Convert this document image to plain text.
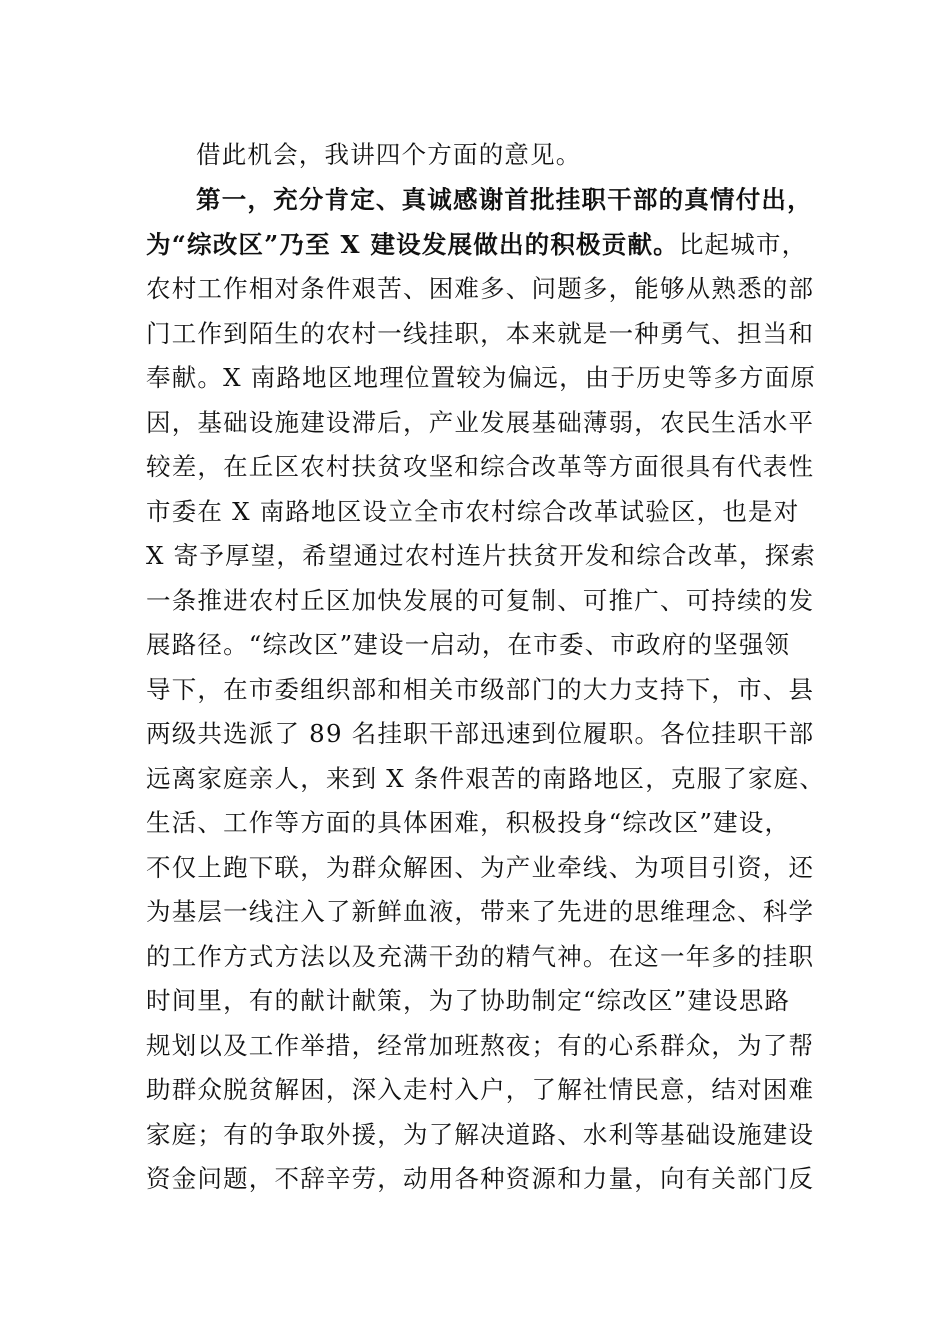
借此机会，我讲四个方面的意见。
第一，充分肯定、真诚感谢首批挂职干部的真情付出，
为“综改区”乃至 X 建设发展做出的积极贡献。比起城市，
农村工作相对条件艰苦、困难多、问题多，能够从熟悉的部
门工作到陌生的农村一线挂职，本来就是一种勇气、担当和
奉献。X 南路地区地理位置较为偏远，由于历史等多方面原
因，基础设施建设滞后，产业发展基础薄弱，农民生活水平
较差，在丘区农村扶贫攻坚和综合改革等方面很具有代表性
市委在 X 南路地区设立全市农村综合改革试验区，也是对
X 寄予厚望，希望通过农村连片扶贫开发和综合改革，探索
一条推进农村丘区加快发展的可复制、可推广、可持续的发
展路径。“综改区”建设一启动，在市委、市政府的坚强领
导下，在市委组织部和相关市级部门的大力支持下，市、县
两级共选派了 89 名挂职干部迅速到位履职。各位挂职干部
远离家庭亲人，来到 X 条件艰苦的南路地区，克服了家庭、
生活、工作等方面的具体困难，积极投身“综改区”建设，
不仅上跑下联，为群众解困、为产业牵线、为项目引资，还
为基层一线注入了新鲜血液，带来了先进的思维理念、科学
的工作方式方法以及充满干劲的精气神。在这一年多的挂职
时间里，有的献计献策，为了协助制定“综改区”建设思路
规划以及工作举措，经常加班熬夜；有的心系群众，为了帮
助群众脱贫解困，深入走村入户，了解社情民意，结对困难
家庭；有的争取外援，为了解决道路、水利等基础设施建设
资金问题，不辞辛劳，动用各种资源和力量，向有关部门反
